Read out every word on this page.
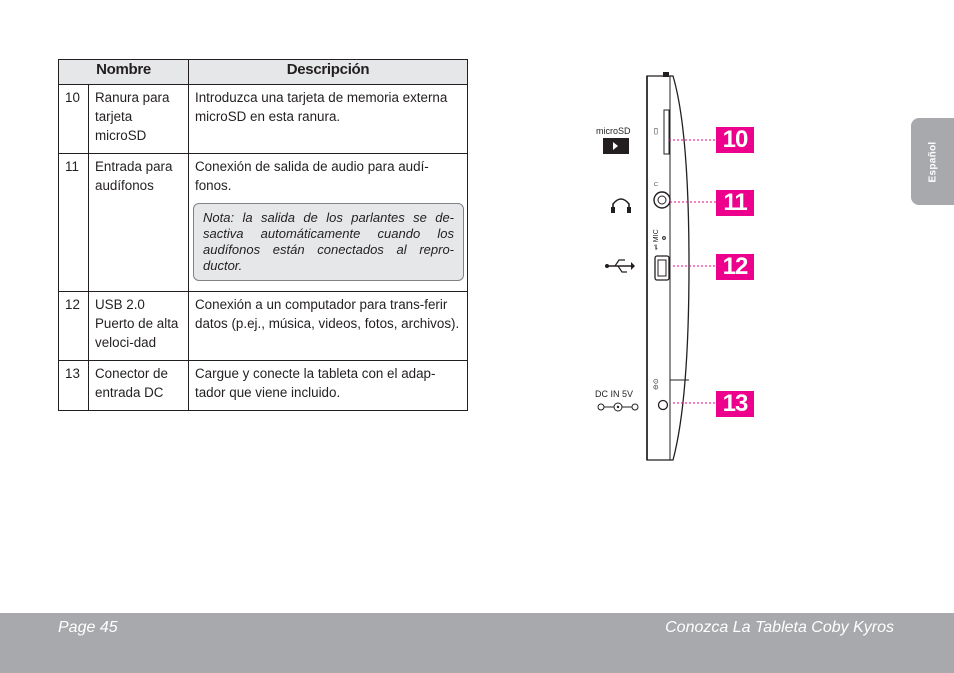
Nombre		Descripción
10	Ranura para tarjeta microSD	Introduzca una tarjeta de memoria externa microSD en esta ranura.
11	Entrada para audífonos	Conexión de salida de audio para audí-fonos.
Nota: la salida de los parlantes se de-sactiva automáticamente cuando los audífonos están conectados al repro-ductor.

12	USB 2.0 Puerto de alta veloci-dad	Conexión a un computador para trans-ferir datos (p.ej., música, videos, fotos, archivos).
13	Conector de entrada DC	Cargue y conecte la tableta con el adap-tador que viene incluido.
▭
∩
⇌ MIC
⊖⊙
microSD
DC IN 5V
10
11
12
13
Español
Page 45	Conozca La Tableta Coby Kyros
